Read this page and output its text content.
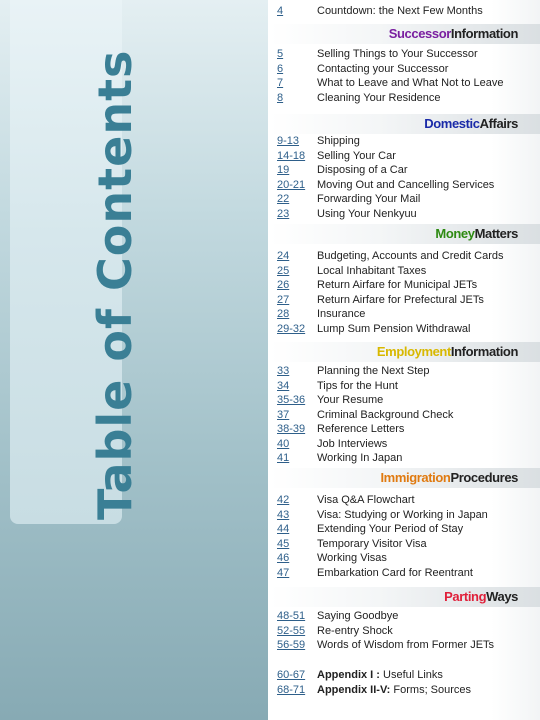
Table of Contents
4	Countdown: the Next Few Months
SuccessorInformation
DomesticAffairs
MoneyMatters
EmploymentInformation
ImmigrationProcedures
PartingWays
5	Selling Things to Your Successor
6	Contacting your Successor
7	What to Leave and What Not to Leave
8	Cleaning Your Residence
9-13	Shipping
14-18	Selling Your Car
19	Disposing of a Car
20-21	Moving Out and Cancelling Services
22	Forwarding Your Mail
23	Using Your Nenkyuu
24	Budgeting, Accounts and Credit Cards
25	Local Inhabitant Taxes
26	Return Airfare for Municipal JETs
27	Return Airfare for Prefectural JETs
28	Insurance
29-32	Lump Sum Pension Withdrawal
33	Planning the Next Step
34	Tips for the Hunt
35-36	Your Resume
37	Criminal Background Check
38-39	Reference Letters
40	Job Interviews
41	Working In Japan
42	Visa Q&A Flowchart
43	Visa: Studying or Working in Japan
44	Extending Your Period of Stay
45	Temporary Visitor Visa
46	Working Visas
47	Embarkation Card for Reentrant
48-51	Saying Goodbye
52-55	Re-entry Shock
56-59	Words of Wisdom from Former JETs
60-67	Appendix I : Useful Links
68-71	Appendix II-V: Forms; Sources
